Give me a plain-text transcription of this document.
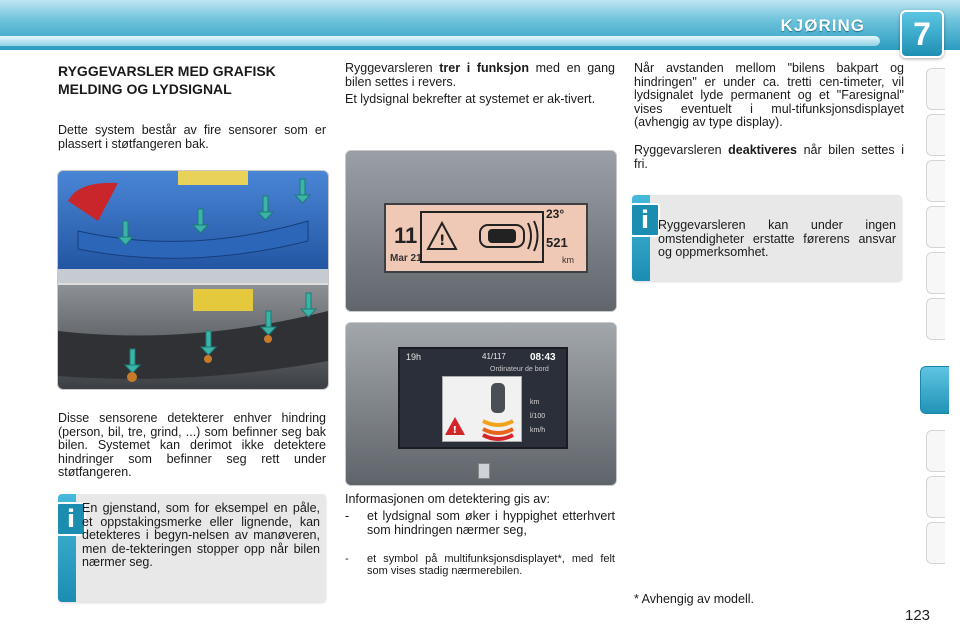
KJØRING	7
RYGGEVARSLER MED GRAFISK MELDING OG LYDSIGNAL
Dette system består av fire sensorer som er plassert i støtfangeren bak.
Disse sensorene detekterer enhver hindring (person, bil, tre, grind, ...) som befinner seg bak bilen. Systemet kan derimot ikke detektere hindringer som befinner seg rett under støtfangeren.
i En gjenstand, som for eksempel en påle, et oppstakingsmerke eller lignende, kan detekteres i begyn-nelsen av manøveren, men de-tekteringen stopper opp når bilen nærmer seg.
Ryggevarsleren trer i funksjon med en gang bilen settes i revers.
Et lydsignal bekrefter at systemet er ak-tivert.
11
Mar 21
!
23°
521
km
19h	41/117 08:43
Ordinateur de bord
!
km
l/100
km/h
Informasjonen om detektering gis av:
- et lydsignal som øker i hyppighet etterhvert som hindringen nærmer seg,
- et symbol på multifunksjonsdisplayet*, med felt som vises stadig nærmerebilen.
Når avstanden mellom "bilens bakpart og hindringen" er under ca. tretti cen-timeter, vil lydsignalet lyde permanent og et "Faresignal" vises eventuelt i mul-tifunksjonsdisplayet (avhengig av type display).
Ryggevarsleren deaktiveres når bilen settes i fri.
i Ryggevarsleren kan under ingen omstendigheter erstatte førerens ansvar og oppmerksomhet.
* Avhengig av modell.
123
